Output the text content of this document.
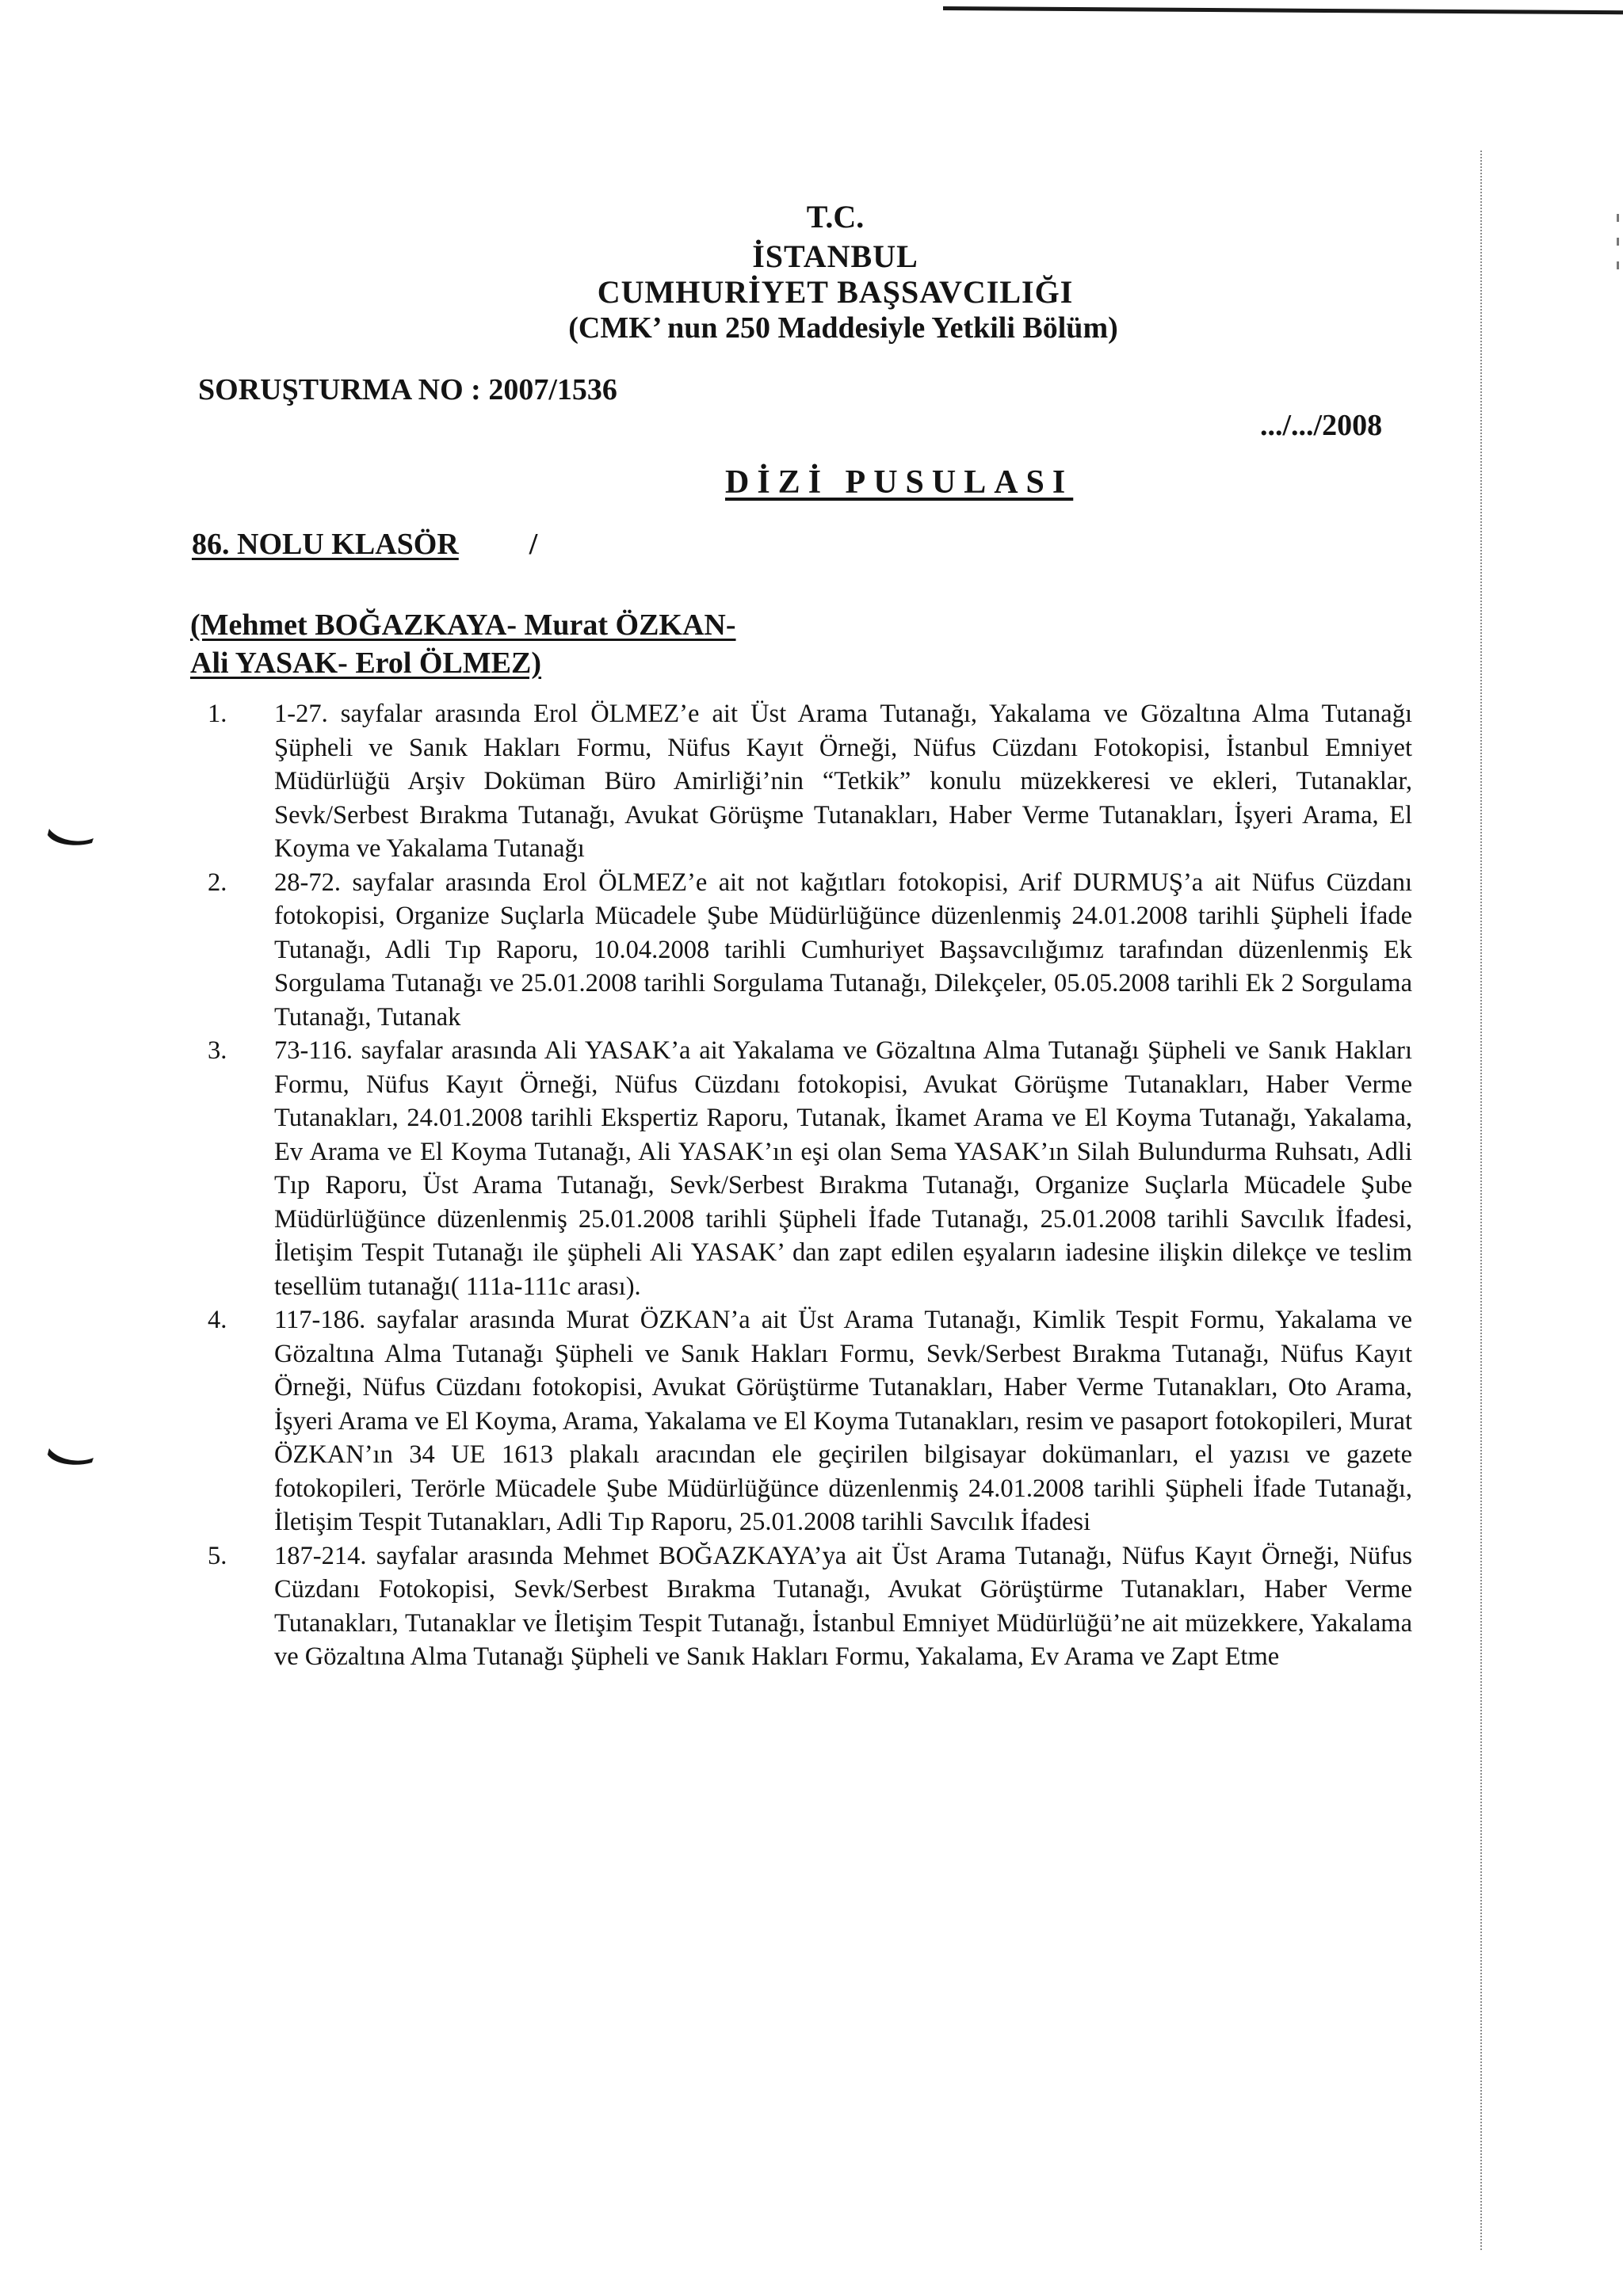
T.C.
İSTANBUL
CUMHURİYET BAŞSAVCILIĞI
(CMK’ nun 250 Maddesiyle Yetkili Bölüm)
SORUŞTURMA NO : 2007/1536
.../.../2008
DİZİ PUSULASI
86. NOLU KLASÖR /
(Mehmet BOĞAZKAYA- Murat ÖZKAN-
Ali YASAK- Erol ÖLMEZ)
1. 1-27. sayfalar arasında Erol ÖLMEZ’e ait Üst Arama Tutanağı, Yakalama ve Gözaltına Alma Tutanağı Şüpheli ve Sanık Hakları Formu, Nüfus Kayıt Örneği, Nüfus Cüzdanı Fotokopisi, İstanbul Emniyet Müdürlüğü Arşiv Doküman Büro Amirliği’nin “Tetkik” konulu müzekkeresi ve ekleri, Tutanaklar, Sevk/Serbest Bırakma Tutanağı, Avukat Görüşme Tutanakları, Haber Verme Tutanakları, İşyeri Arama, El Koyma ve Yakalama Tutanağı
2. 28-72. sayfalar arasında Erol ÖLMEZ’e ait not kağıtları fotokopisi, Arif DURMUŞ’a ait Nüfus Cüzdanı fotokopisi, Organize Suçlarla Mücadele Şube Müdürlüğünce düzenlenmiş 24.01.2008 tarihli Şüpheli İfade Tutanağı, Adli Tıp Raporu, 10.04.2008 tarihli Cumhuriyet Başsavcılığımız tarafından düzenlenmiş Ek Sorgulama Tutanağı ve 25.01.2008 tarihli Sorgulama Tutanağı, Dilekçeler, 05.05.2008 tarihli Ek 2 Sorgulama Tutanağı, Tutanak
3. 73-116. sayfalar arasında Ali YASAK’a ait Yakalama ve Gözaltına Alma Tutanağı Şüpheli ve Sanık Hakları Formu, Nüfus Kayıt Örneği, Nüfus Cüzdanı fotokopisi, Avukat Görüşme Tutanakları, Haber Verme Tutanakları, 24.01.2008 tarihli Ekspertiz Raporu, Tutanak, İkamet Arama ve El Koyma Tutanağı, Yakalama, Ev Arama ve El Koyma Tutanağı, Ali YASAK’ın eşi olan Sema YASAK’ın Silah Bulundurma Ruhsatı, Adli Tıp Raporu, Üst Arama Tutanağı, Sevk/Serbest Bırakma Tutanağı, Organize Suçlarla Mücadele Şube Müdürlüğünce düzenlenmiş 25.01.2008 tarihli Şüpheli İfade Tutanağı, 25.01.2008 tarihli Savcılık İfadesi, İletişim Tespit Tutanağı ile şüpheli Ali YASAK’ dan zapt edilen eşyaların iadesine ilişkin dilekçe ve teslim tesellüm tutanağı( 111a-111c arası).
4. 117-186. sayfalar arasında Murat ÖZKAN’a ait Üst Arama Tutanağı, Kimlik Tespit Formu, Yakalama ve Gözaltına Alma Tutanağı Şüpheli ve Sanık Hakları Formu, Sevk/Serbest Bırakma Tutanağı, Nüfus Kayıt Örneği, Nüfus Cüzdanı fotokopisi, Avukat Görüştürme Tutanakları, Haber Verme Tutanakları, Oto Arama, İşyeri Arama ve El Koyma, Arama, Yakalama ve El Koyma Tutanakları, resim ve pasaport fotokopileri, Murat ÖZKAN’ın 34 UE 1613 plakalı aracından ele geçirilen bilgisayar dokümanları, el yazısı ve gazete fotokopileri, Terörle Mücadele Şube Müdürlüğünce düzenlenmiş 24.01.2008 tarihli Şüpheli İfade Tutanağı, İletişim Tespit Tutanakları, Adli Tıp Raporu, 25.01.2008 tarihli Savcılık İfadesi
5. 187-214. sayfalar arasında Mehmet BOĞAZKAYA’ya ait Üst Arama Tutanağı, Nüfus Kayıt Örneği, Nüfus Cüzdanı Fotokopisi, Sevk/Serbest Bırakma Tutanağı, Avukat Görüştürme Tutanakları, Haber Verme Tutanakları, Tutanaklar ve İletişim Tespit Tutanağı, İstanbul Emniyet Müdürlüğü’ne ait müzekkere, Yakalama ve Gözaltına Alma Tutanağı Şüpheli ve Sanık Hakları Formu, Yakalama, Ev Arama ve Zapt Etme
